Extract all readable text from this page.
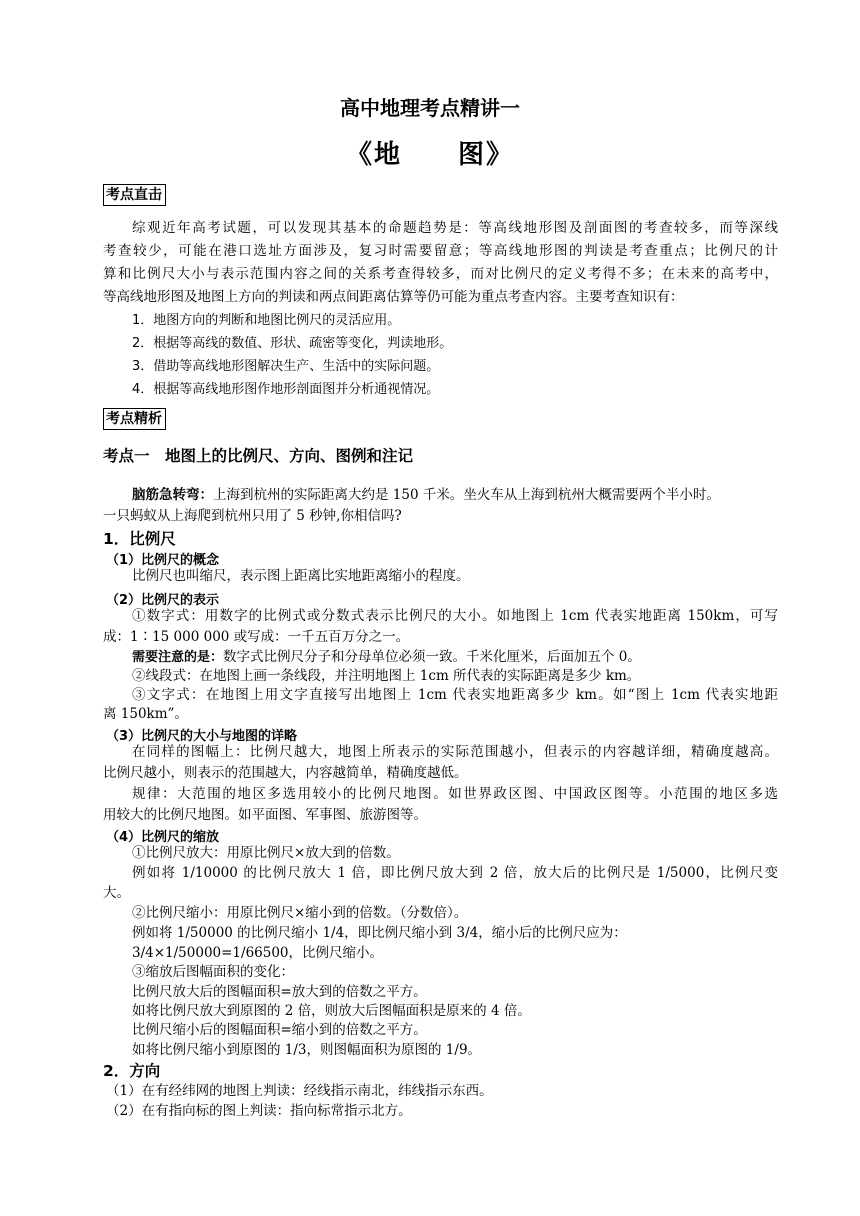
高中地理考点精讲一
《地　　图》
考点直击
综观近年高考试题，可以发现其基本的命题趋势是：等高线地形图及剖面图的考查较多，而等深线
考查较少，可能在港口选址方面涉及，复习时需要留意；等高线地形图的判读是考查重点；比例尺的计
算和比例尺大小与表示范围内容之间的关系考查得较多，而对比例尺的定义考得不多；在未来的高考中，
等高线地形图及地图上方向的判读和两点间距离估算等仍可能为重点考查内容。主要考查知识有：
1．地图方向的判断和地图比例尺的灵活应用。
2．根据等高线的数值、形状、疏密等变化，判读地形。
3．借助等高线地形图解决生产、生活中的实际问题。
4．根据等高线地形图作地形剖面图并分析通视情况。
考点精析
考点一　地图上的比例尺、方向、图例和注记
脑筋急转弯：上海到杭州的实际距离大约是 150 千米。坐火车从上海到杭州大概需要两个半小时。
一只蚂蚁从上海爬到杭州只用了 5 秒钟,你相信吗?
1．比例尺
（1）比例尺的概念
比例尺也叫缩尺，表示图上距离比实地距离缩小的程度。
（2）比例尺的表示
①数字式：用数字的比例式或分数式表示比例尺的大小。如地图上 1cm 代表实地距离 150km，可写
成：1∶15 000 000 或写成：一千五百万分之一。
需要注意的是：数字式比例尺分子和分母单位必须一致。千米化厘米，后面加五个 0。
②线段式：在地图上画一条线段，并注明地图上 1cm 所代表的实际距离是多少 km。
③文字式：在地图上用文字直接写出地图上 1cm 代表实地距离多少 km。如“图上 1cm 代表实地距
离 150km”。
（3）比例尺的大小与地图的详略
在同样的图幅上：比例尺越大，地图上所表示的实际范围越小，但表示的内容越详细，精确度越高。
比例尺越小，则表示的范围越大，内容越简单，精确度越低。
规律：大范围的地区多选用较小的比例尺地图。如世界政区图、中国政区图等。小范围的地区多选
用较大的比例尺地图。如平面图、军事图、旅游图等。
（4）比例尺的缩放
①比例尺放大：用原比例尺×放大到的倍数。
例如将 1/10000 的比例尺放大 1 倍，即比例尺放大到 2 倍，放大后的比例尺是 1/5000，比例尺变
大。
②比例尺缩小：用原比例尺×缩小到的倍数。（分数倍）。
例如将 1/50000 的比例尺缩小 1/4，即比例尺缩小到 3/4，缩小后的比例尺应为：
3/4×1/50000=1/66500，比例尺缩小。
③缩放后图幅面积的变化：
比例尺放大后的图幅面积=放大到的倍数之平方。
如将比例尺放大到原图的 2 倍，则放大后图幅面积是原来的 4 倍。
比例尺缩小后的图幅面积=缩小到的倍数之平方。
如将比例尺缩小到原图的 1/3，则图幅面积为原图的 1/9。
2．方向
（1）在有经纬网的地图上判读：经线指示南北，纬线指示东西。
（2）在有指向标的图上判读：指向标常指示北方。
